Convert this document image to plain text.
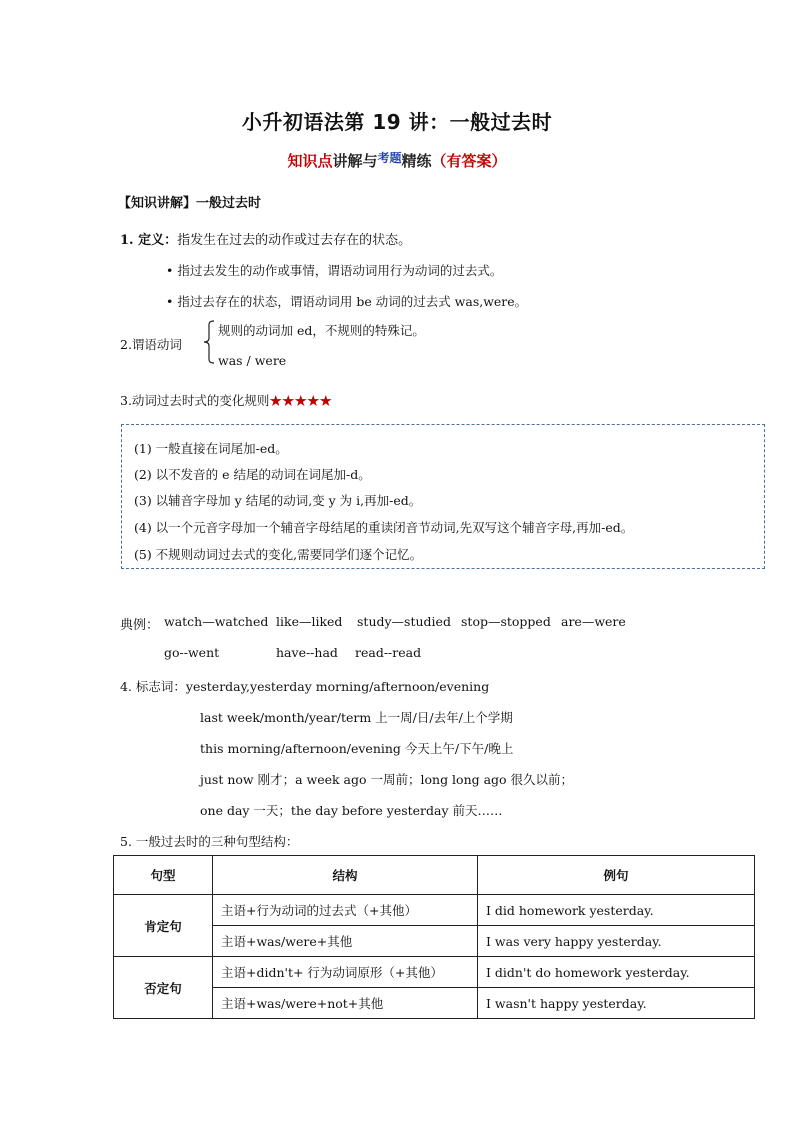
小升初语法第 19 讲：一般过去时
知识点讲解与$^{考题}$精练（有答案）
【知识讲解】一般过去时
1. 定义：指发生在过去的动作或过去存在的状态。
• 指过去发生的动作或事情，谓语动词用行为动词的过去式。
• 指过去存在的状态，谓语动词用 be 动词的过去式 was,were。
2.谓语动词
规则的动词加 ed，不规则的特殊记。
was / were
3.动词过去时式的变化规则★★★★★
(1) 一般直接在词尾加-ed。
(2) 以不发音的 e 结尾的动词在词尾加-d。
(3) 以辅音字母加 y 结尾的动词,变 y 为 i,再加-ed。
(4) 以一个元音字母加一个辅音字母结尾的重读闭音节动词,先双写这个辅音字母,再加-ed。
(5) 不规则动词过去式的变化,需要同学们逐个记忆。
典例： watch—watched like—liked study—studied stop—stopped are—were
go--went	have--had read--read
4. 标志词：yesterday,yesterday morning/afternoon/evening
last week/month/year/term 上一周/日/去年/上个学期
this morning/afternoon/evening 今天上午/下午/晚上
just now 刚才；a week ago 一周前；long long ago 很久以前；
one day 一天；the day before yesterday 前天……
5. 一般过去时的三种句型结构：
句型	结构	例句
肯定句	主语+行为动词的过去式（+其他）	I did homework yesterday.
	主语+was/were+其他	I was very happy yesterday.
否定句	主语+didn't+ 行为动词原形（+其他）	I didn't do homework yesterday.
	主语+was/were+not+其他	I wasn't happy yesterday.
